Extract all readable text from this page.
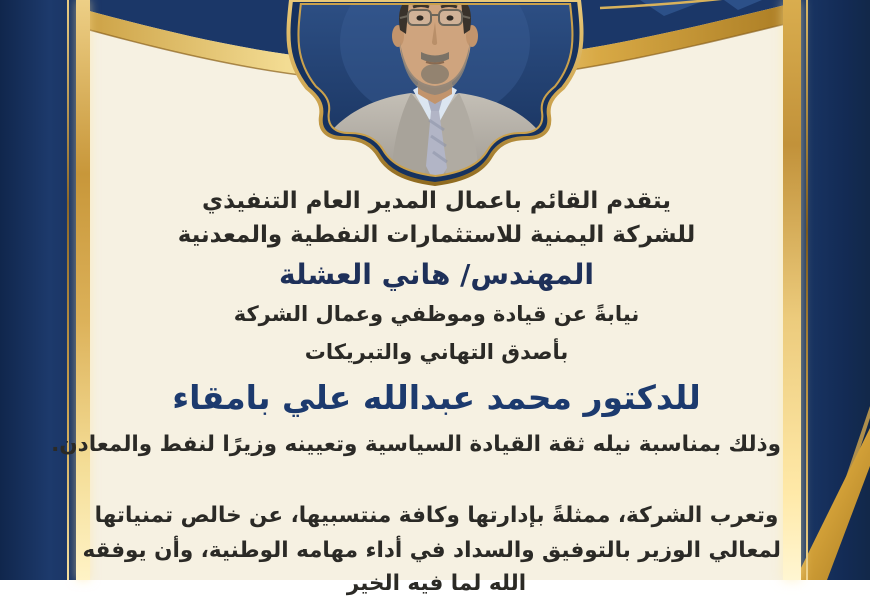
يتقدم القائم باعمال المدير العام التنفيذي
للشركة اليمنية للاستثمارات النفطية والمعدنية
المهندس/ هاني العشلة
نيابةً عن قيادة وموظفي وعمال الشركة
بأصدق التهاني والتبريكات
للدكتور محمد عبدالله علي بامقاء
وذلك بمناسبة نيله ثقة القيادة السياسية وتعيينه وزيرًا لنفط والمعادن.
وتعرب الشركة، ممثلةً بإدارتها وكافة منتسبيها، عن خالص تمنياتها
لمعالي الوزير بالتوفيق والسداد في أداء مهامه الوطنية، وأن يوفقه
الله لما فيه الخير
